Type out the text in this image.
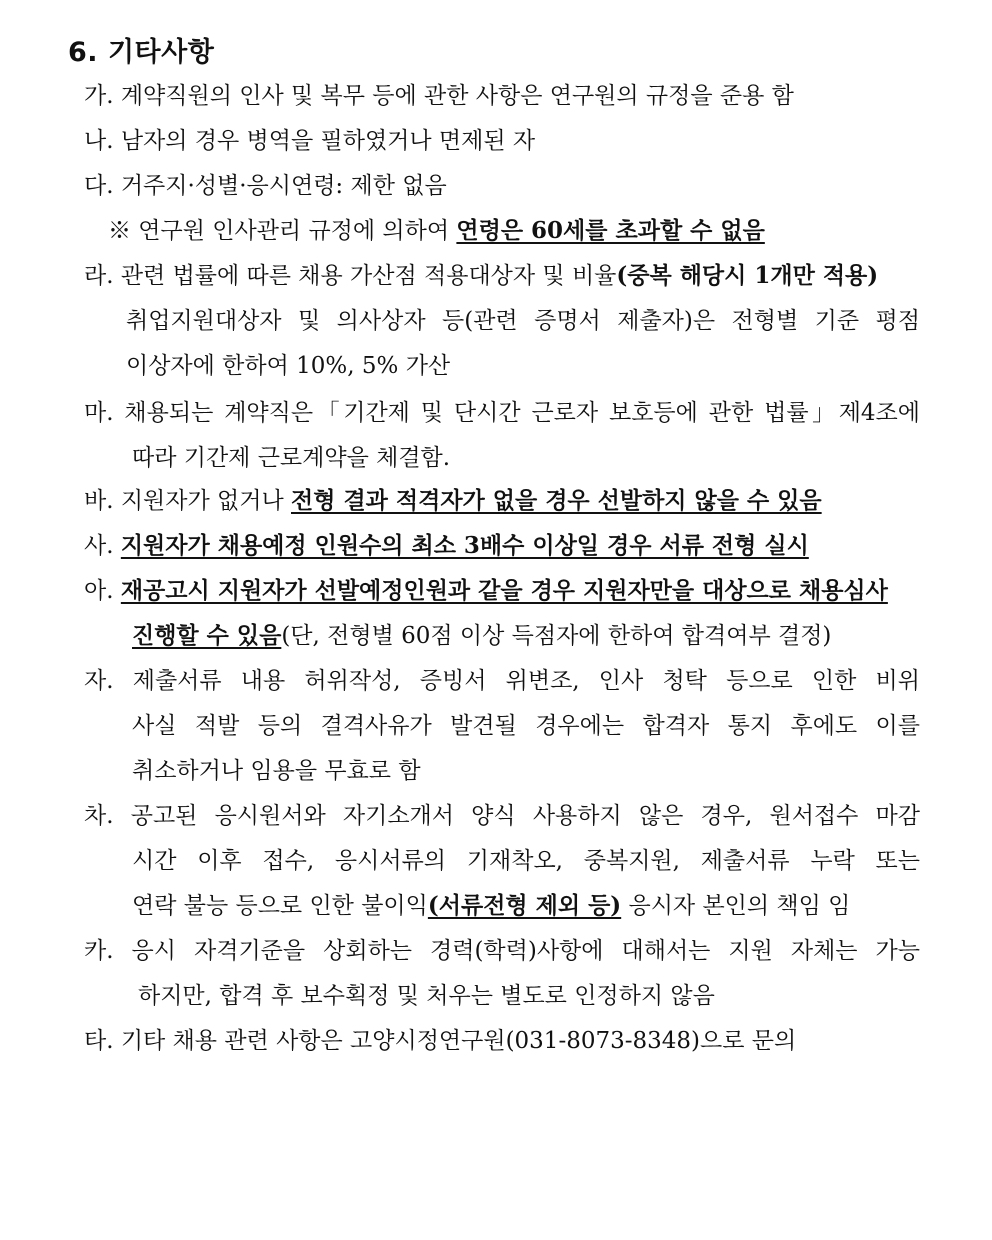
6. 기타사항
가. 계약직원의 인사 및 복무 등에 관한 사항은 연구원의 규정을 준용 함
나. 남자의 경우 병역을 필하였거나 면제된 자
다. 거주지·성별·응시연령: 제한 없음
※ 연구원 인사관리 규정에 의하여 연령은 60세를 초과할 수 없음
라. 관련 법률에 따른 채용 가산점 적용대상자 및 비율(중복 해당시 1개만 적용)
취업지원대상자 및 의사상자 등(관련 증명서 제출자)은 전형별 기준 평점
이상자에 한하여 10%, 5% 가산
마. 채용되는 계약직은「기간제 및 단시간 근로자 보호등에 관한 법률」제4조에
따라 기간제 근로계약을 체결함.
바. 지원자가 없거나 전형 결과 적격자가 없을 경우 선발하지 않을 수 있음
사. 지원자가 채용예정 인원수의 최소 3배수 이상일 경우 서류 전형 실시
아. 재공고시 지원자가 선발예정인원과 같을 경우 지원자만을 대상으로 채용심사
진행할 수 있음(단, 전형별 60점 이상 득점자에 한하여 합격여부 결정)
자. 제출서류 내용 허위작성, 증빙서 위변조, 인사 청탁 등으로 인한 비위
사실 적발 등의 결격사유가 발견될 경우에는 합격자 통지 후에도 이를
취소하거나 임용을 무효로 함
차. 공고된 응시원서와 자기소개서 양식 사용하지 않은 경우, 원서접수 마감
시간 이후 접수, 응시서류의 기재착오, 중복지원, 제출서류 누락 또는
연락 불능 등으로 인한 불이익(서류전형 제외 등) 응시자 본인의 책임 임
카. 응시 자격기준을 상회하는 경력(학력)사항에 대해서는 지원 자체는 가능
하지만, 합격 후 보수획정 및 처우는 별도로 인정하지 않음
타. 기타 채용 관련 사항은 고양시정연구원(031-8073-8348)으로 문의
